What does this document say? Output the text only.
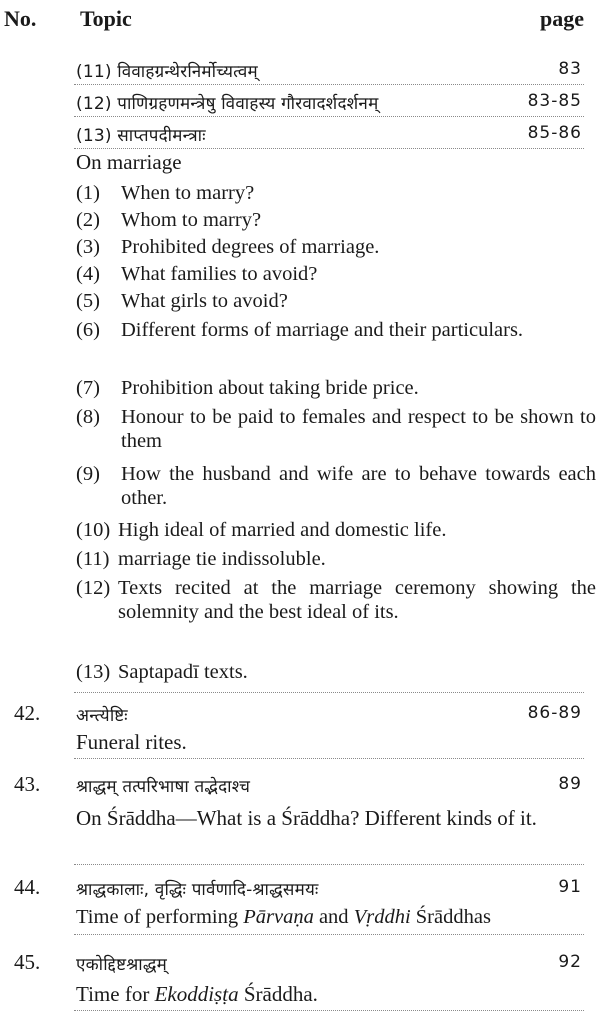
No. Topic	page
(11) विवाहग्रन्थेरनिर्मोच्यत्वम्	83
(12) पाणिग्रहणमन्त्रेषु विवाहस्य गौरवादर्शदर्शनम्	83-85
(13) साप्तपदीमन्त्राः	85-86
On marriage
(1)	When to marry?
(2)	Whom to marry?
(3)	Prohibited degrees of marriage.
(4)	What families to avoid?
(5)	What girls to avoid?
(6)	Different forms of marriage and their particulars.
(7)	Prohibition about taking bride price.
(8)	Honour to be paid to females and respect to be shown to them
(9)	How the husband and wife are to behave towards each other.
(10) High ideal of married and domestic life.
(11) marriage tie indissoluble.
(12) Texts recited at the marriage ceremony showing the solemnity and the best ideal of its.
(13) Saptapadī texts.
42. अन्त्येष्टिः	86-89
Funeral rites.
43. श्राद्धम् तत्परिभाषा तद्भेदाश्च	89
On Śrāddha—What is a Śrāddha? Different kinds of it.
44. श्राद्धकालाः, वृद्धिः पार्वणादि-श्राद्धसमयः	91
Time of performing Pārvaṇa and Vṛddhi Śrāddhas
45. एकोद्दिष्टश्राद्धम्	92
Time for Ekoddiṣṭa Śrāddha.
